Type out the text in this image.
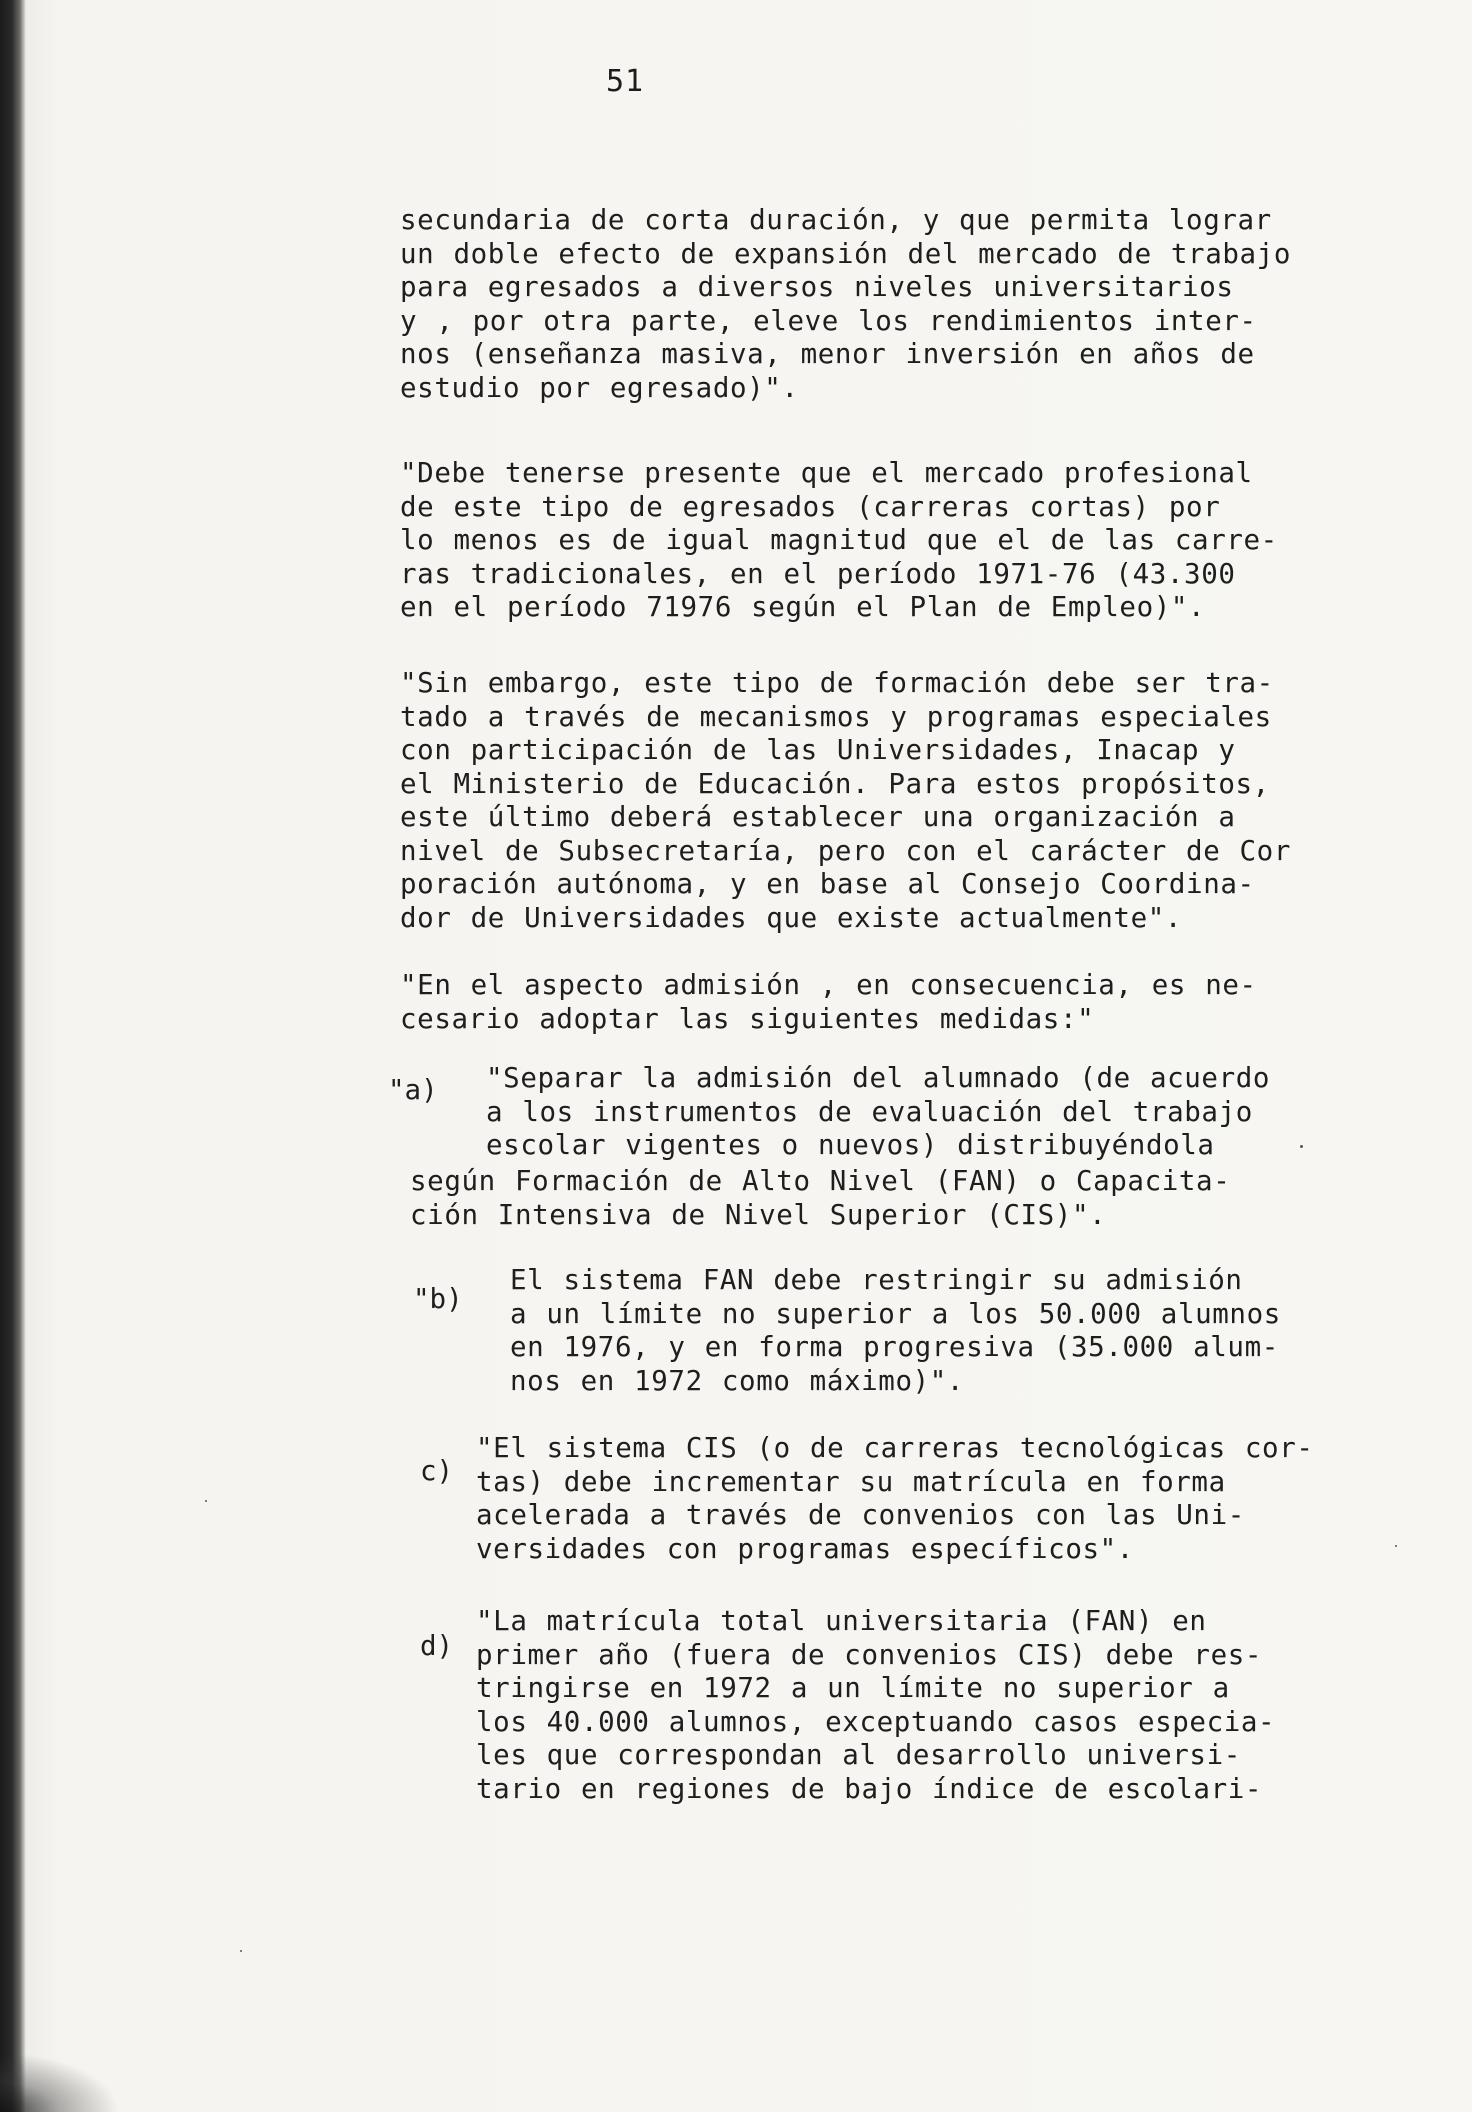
51
secundaria de corta duración, y que permita lograr
un doble efecto de expansión del mercado de trabajo
para egresados a diversos niveles universitarios
y , por otra parte, eleve los rendimientos inter-
nos (enseñanza masiva, menor inversión en años de
estudio por egresado)".
"Debe tenerse presente que el mercado profesional
de este tipo de egresados (carreras cortas) por
lo menos es de igual magnitud que el de las carre-
ras tradicionales, en el período 1971-76 (43.300
en el período 71976 según el Plan de Empleo)".
"Sin embargo, este tipo de formación debe ser tra-
tado a través de mecanismos y programas especiales
con participación de las Universidades, Inacap y
el Ministerio de Educación. Para estos propósitos,
este último deberá establecer una organización a
nivel de Subsecretaría, pero con el carácter de Cor
poración autónoma, y en base al Consejo Coordina-
dor de Universidades que existe actualmente".
"En el aspecto admisión , en consecuencia, es ne-
cesario adoptar las siguientes medidas:"
"a) "Separar la admisión del alumnado (de acuerdo
a los instrumentos de evaluación del trabajo
escolar vigentes o nuevos) distribuyéndola
según Formación de Alto Nivel (FAN) o Capacita-
ción Intensiva de Nivel Superior (CIS)".
"b)
El sistema FAN debe restringir su admisión
a un límite no superior a los 50.000 alumnos
en 1976, y en forma progresiva (35.000 alum-
nos en 1972 como máximo)".
c)
"El sistema CIS (o de carreras tecnológicas cor-
tas) debe incrementar su matrícula en forma
acelerada a través de convenios con las Uni-
versidades con programas específicos".
d)
"La matrícula total universitaria (FAN) en
primer año (fuera de convenios CIS) debe res-
tringirse en 1972 a un límite no superior a
los 40.000 alumnos, exceptuando casos especia-
les que correspondan al desarrollo universi-
tario en regiones de bajo índice de escolari-
